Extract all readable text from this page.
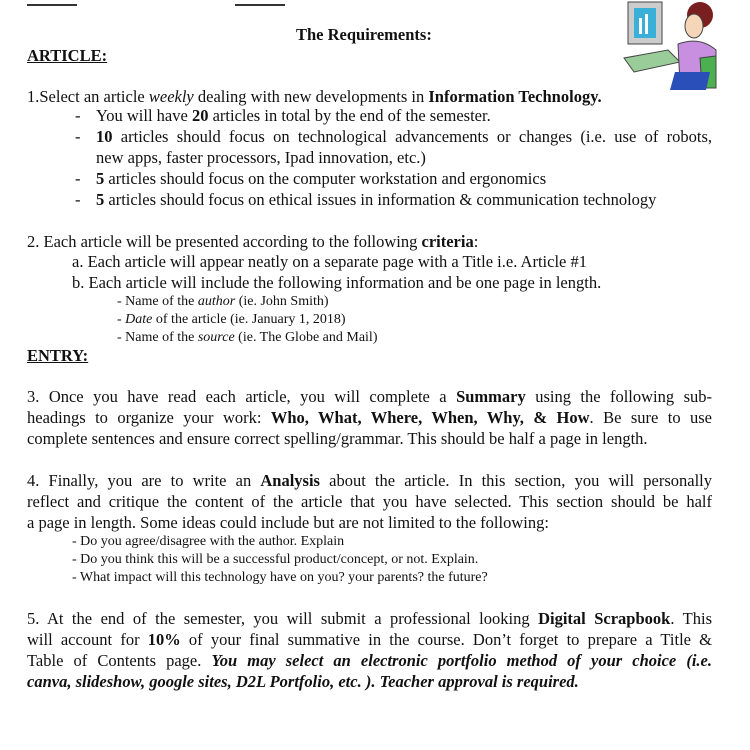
The Requirements:
ARTICLE:
1.Select an article weekly dealing with new developments in Information Technology.
- You will have 20 articles in total by the end of the semester.
- 10 articles should focus on technological advancements or changes (i.e. use of robots,
new apps, faster processors, Ipad innovation, etc.)
- 5 articles should focus on the computer workstation and ergonomics
- 5 articles should focus on ethical issues in information & communication technology
2. Each article will be presented according to the following criteria:
a. Each article will appear neatly on a separate page with a Title i.e. Article #1
b. Each article will include the following information and be one page in length.
- Name of the author (ie. John Smith)
- Date of the article (ie. January 1, 2018)
- Name of the source (ie. The Globe and Mail)
ENTRY:
3. Once you have read each article, you will complete a Summary using the following sub-
headings to organize your work: Who, What, Where, When, Why, & How. Be sure to use
complete sentences and ensure correct spelling/grammar. This should be half a page in length.
4. Finally, you are to write an Analysis about the article. In this section, you will personally
reflect and critique the content of the article that you have selected. This section should be half
a page in length. Some ideas could include but are not limited to the following:
- Do you agree/disagree with the author. Explain
- Do you think this will be a successful product/concept, or not. Explain.
- What impact will this technology have on you? your parents? the future?
5. At the end of the semester, you will submit a professional looking Digital Scrapbook. This
will account for 10% of your final summative in the course. Don’t forget to prepare a Title &
Table of Contents page. You may select an electronic portfolio method of your choice (i.e.
canva, slideshow, google sites, D2L Portfolio, etc. ). Teacher approval is required.
